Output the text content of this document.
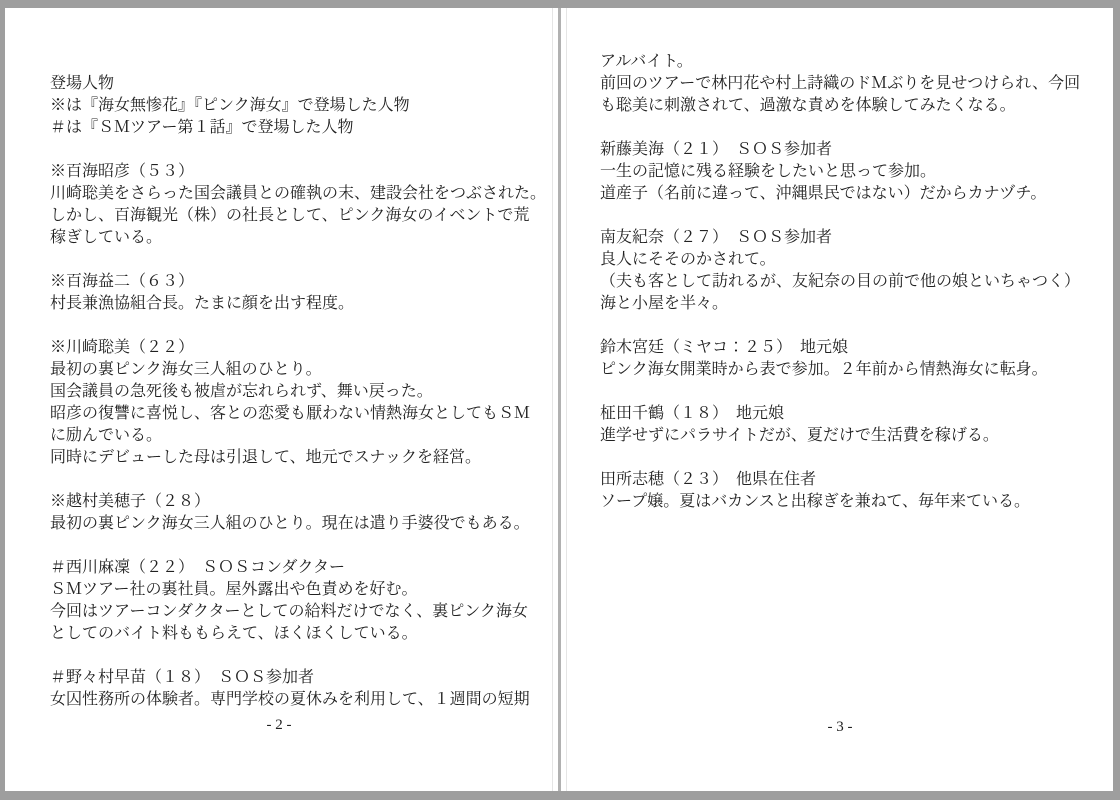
登場人物
※は『海女無惨花』『ピンク海女』で登場した人物
＃は『ＳＭツアー第１話』で登場した人物

※百海昭彦（５３）
川崎聡美をさらった国会議員との確執の末、建設会社をつぶされた。
しかし、百海観光（株）の社長として、ピンク海女のイベントで荒
稼ぎしている。

※百海益二（６３）
村長兼漁協組合長。たまに顔を出す程度。

※川崎聡美（２２）
最初の裏ピンク海女三人組のひとり。
国会議員の急死後も被虐が忘れられず、舞い戻った。
昭彦の復讐に喜悦し、客との恋愛も厭わない情熱海女としてもＳＭ
に励んでいる。
同時にデビューした母は引退して、地元でスナックを経営。

※越村美穂子（２８）
最初の裏ピンク海女三人組のひとり。現在は遣り手婆役でもある。

＃西川麻凜（２２）　ＳＯＳコンダクター
ＳＭツアー社の裏社員。屋外露出や色責めを好む。
今回はツアーコンダクターとしての給料だけでなく、裏ピンク海女
としてのバイト料ももらえて、ほくほくしている。

＃野々村早苗（１８）　ＳＯＳ参加者
女囚性務所の体験者。専門学校の夏休みを利用して、１週間の短期
- 2 -
アルバイト。
前回のツアーで林円花や村上詩織のドＭぶりを見せつけられ、今回
も聡美に刺激されて、過激な責めを体験してみたくなる。

新藤美海（２１）　ＳＯＳ参加者
一生の記憶に残る経験をしたいと思って参加。
道産子（名前に違って、沖縄県民ではない）だからカナヅチ。

南友紀奈（２７）　ＳＯＳ参加者
良人にそそのかされて。
（夫も客として訪れるが、友紀奈の目の前で他の娘といちゃつく）
海と小屋を半々。

鈴木宮廷（ミヤコ：２５）　地元娘
ピンク海女開業時から表で参加。２年前から情熱海女に転身。

柾田千鶴（１８）　地元娘
進学せずにパラサイトだが、夏だけで生活費を稼げる。

田所志穂（２３）　他県在住者
ソープ嬢。夏はバカンスと出稼ぎを兼ねて、毎年来ている。
- 3 -
